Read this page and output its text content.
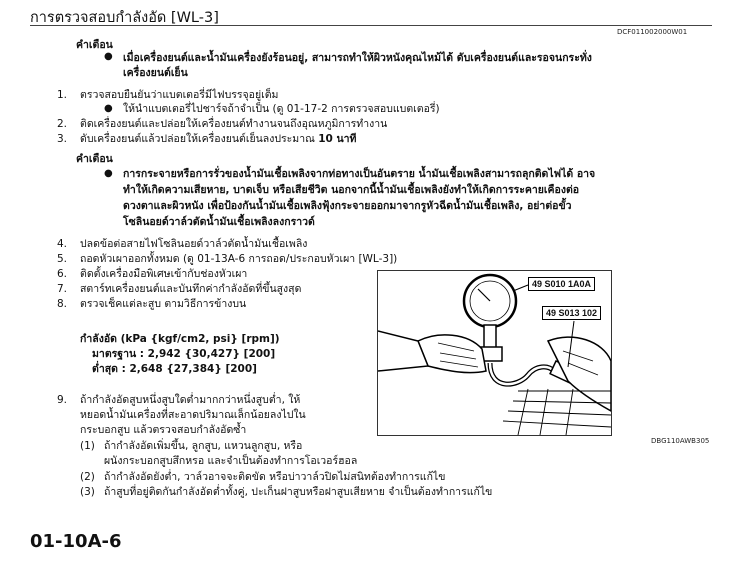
การตรวจสอบกำลังอัด [WL-3]
DCF011002000W01
คำเตือน
● เมื่อเครื่องยนต์และน้ำมันเครื่องยังร้อนอยู่, สามารถทำให้ผิวหนังคุณไหม้ได้ ดับเครื่องยนต์และรอจนกระทั่ง
เครื่องยนต์เย็น
1. ตรวจสอบยืนยันว่าแบตเตอรี่มีไฟบรรจุอยู่เต็ม
● ให้นำแบตเตอรี่ไปชาร์จถ้าจำเป็น (ดู 01-17-2 การตรวจสอบแบตเตอรี่)
2. ติดเครื่องยนต์และปล่อยให้เครื่องยนต์ทำงานจนถึงอุณหภูมิการทำงาน
3. ดับเครื่องยนต์แล้วปล่อยให้เครื่องยนต์เย็นลงประมาณ 10 นาที
คำเตือน
● การกระจายหรือการรั่วของน้ำมันเชื้อเพลิงจากท่อทางเป็นอันตราย น้ำมันเชื้อเพลิงสามารถลุกติดไฟได้ อาจ
ทำให้เกิดความเสียหาย, บาดเจ็บ หรือเสียชีวิต นอกจากนี้น้ำมันเชื้อเพลิงยังทำให้เกิดการระคายเคืองต่อ
ดวงตาและผิวหนัง เพื่อป้องกันน้ำมันเชื้อเพลิงฟุ้งกระจายออกมาจากรูหัวฉีดน้ำมันเชื้อเพลิง, อย่าต่อขั้ว
โซลินอยด์วาล์วตัดน้ำมันเชื้อเพลิงลงกราวด์
4. ปลดข้อต่อสายไฟโซลินอยด์วาล์วตัดน้ำมันเชื้อเพลิง
5. ถอดหัวเผาออกทั้งหมด (ดู 01-13A-6 การถอด/ประกอบหัวเผา [WL-3])
6. ติดตั้งเครื่องมือพิเศษเข้ากับช่องหัวเผา
7. สตาร์ทเครื่องยนต์และบันทึกค่ากำลังอัดที่ขึ้นสูงสุด
8. ตรวจเช็คแต่ละสูบ ตามวิธีการข้างบน
กำลังอัด (kPa {kgf/cm2, psi} [rpm])
มาตรฐาน : 2,942 {30,427} [200]
ต่ำสุด : 2,648 {27,384} [200]
9. ถ้ากำลังอัดสูบหนึ่งสูบใดต่ำมากกว่าหนึ่งสูบต่ำ, ให้
หยอดน้ำมันเครื่องที่สะอาดปริมาณเล็กน้อยลงไปใน
กระบอกสูบ แล้วตรวจสอบกำลังอัดซ้ำ
(1) ถ้ากำลังอัดเพิ่มขึ้น, ลูกสูบ, แหวนลูกสูบ, หรือ
ผนังกระบอกสูบสึกหรอ และจำเป็นต้องทำการโอเวอร์ฮอล
(2) ถ้ากำลังอัดยังต่ำ, วาล์วอาจจะติดขัด หรือบ่าวาล์วปิดไม่สนิทต้องทำการแก้ไข
(3) ถ้าสูบที่อยู่ติดกันกำลังอัดต่ำทั้งคู่, ปะเก็นฝาสูบหรือฝาสูบเสียหาย จำเป็นต้องทำการแก้ไข
49 S010 1A0A
49 S013 102
DBG110AWB305
01-10A-6
